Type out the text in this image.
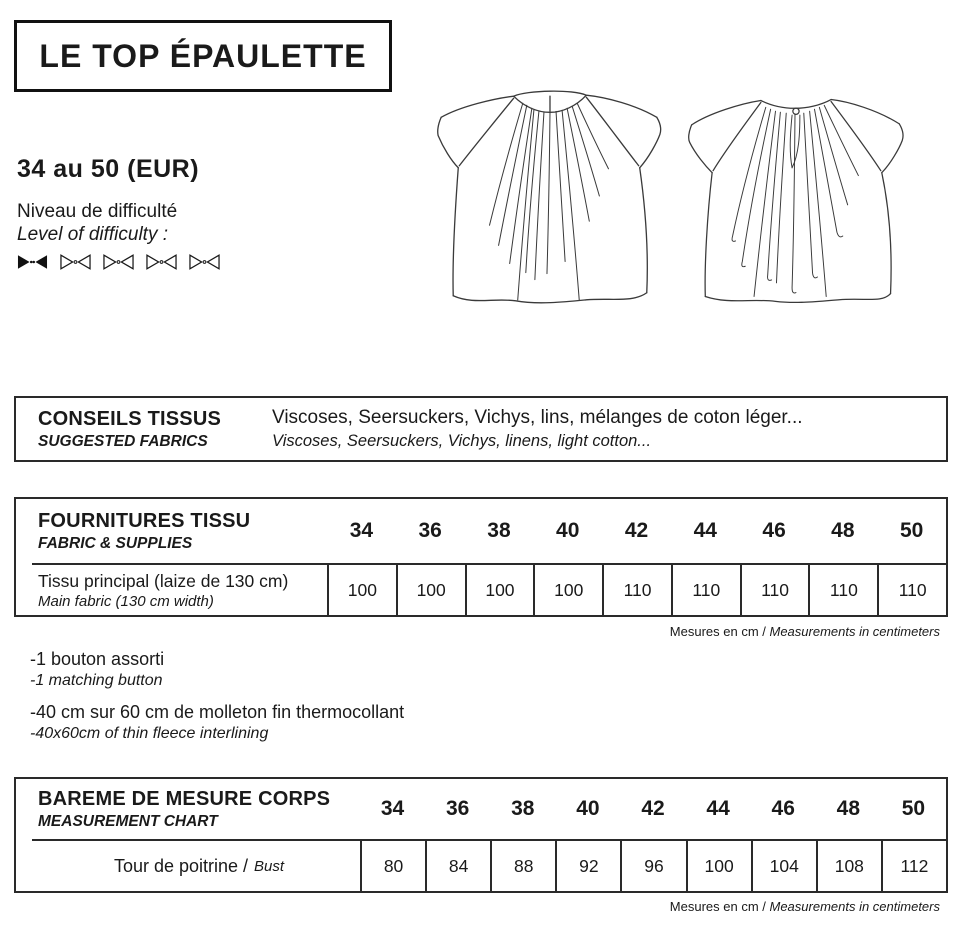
LE TOP ÉPAULETTE
34 au 50 (EUR)
Niveau de difficulté
Level of difficulty :
CONSEILS TISSUS
SUGGESTED FABRICS
Viscoses, Seersuckers, Vichys, lins, mélanges de coton léger...
Viscoses, Seersuckers, Vichys, linens, light cotton...
FOURNITURES TISSU
FABRIC & SUPPLIES
34	36	38	40	42	44	46	48	50
Tissu principal (laize de 130 cm)
Main fabric (130 cm width)
100	100	100	100	110	110	110	110	110
Mesures en cm / Measurements in centimeters
-1 bouton assorti
-1 matching button
-40 cm sur 60 cm de molleton fin thermocollant
-40x60cm of thin fleece interlining
BAREME DE MESURE CORPS
MEASUREMENT CHART
34	36	38	40	42	44	46	48	50
Tour de poitrine / Bust	80	84	88	92	96	100	104	108	112
Mesures en cm / Measurements in centimeters
